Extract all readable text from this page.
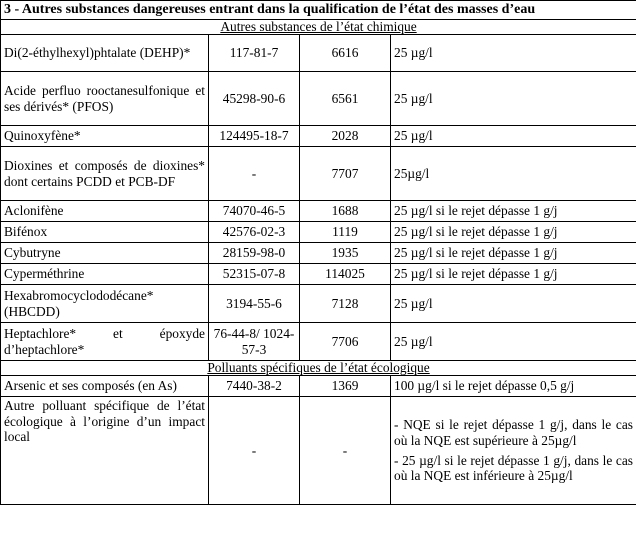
3 - Autres substances dangereuses entrant dans la qualification de l’état des masses d’eau			
Autres substances de l’état chimique			
Di(2-éthylhexyl)phtalate (DEHP)*	117-81-7	6616	25 µg/l
Acide perfluo rooctanesulfonique et ses dérivés* (PFOS)	45298-90-6	6561	25 µg/l
Quinoxyfène*	124495-18-7	2028	25 µg/l
Dioxines et composés de dioxines* dont certains PCDD et PCB-DF	-	7707	25µg/l
Aclonifène	74070-46-5	1688	25 µg/l si le rejet dépasse 1 g/j
Bifénox	42576-02-3	1119	25 µg/l si le rejet dépasse 1 g/j
Cybutryne	28159-98-0	1935	25 µg/l si le rejet dépasse 1 g/j
Cyperméthrine	52315-07-8	114025	25 µg/l si le rejet dépasse 1 g/j
Hexabromocyclododécane* (HBCDD)	3194-55-6	7128	25 µg/l
Heptachlore* et époxyde d’heptachlore*	76-44-8/ 1024-57-3	7706	25 µg/l
Polluants spécifiques de l’état écologique			
Arsenic et ses composés (en As)	7440-38-2	1369	100 µg/l si le rejet dépasse 0,5 g/j
Autre polluant spécifique de l’état écologique à l’origine d’un impact local	-	-	- NQE si le rejet dépasse 1 g/j, dans le cas où la NQE est supérieure à 25µg/l
- 25 µg/l si le rejet dépasse 1 g/j, dans le cas où la NQE est inférieure à 25µg/l
